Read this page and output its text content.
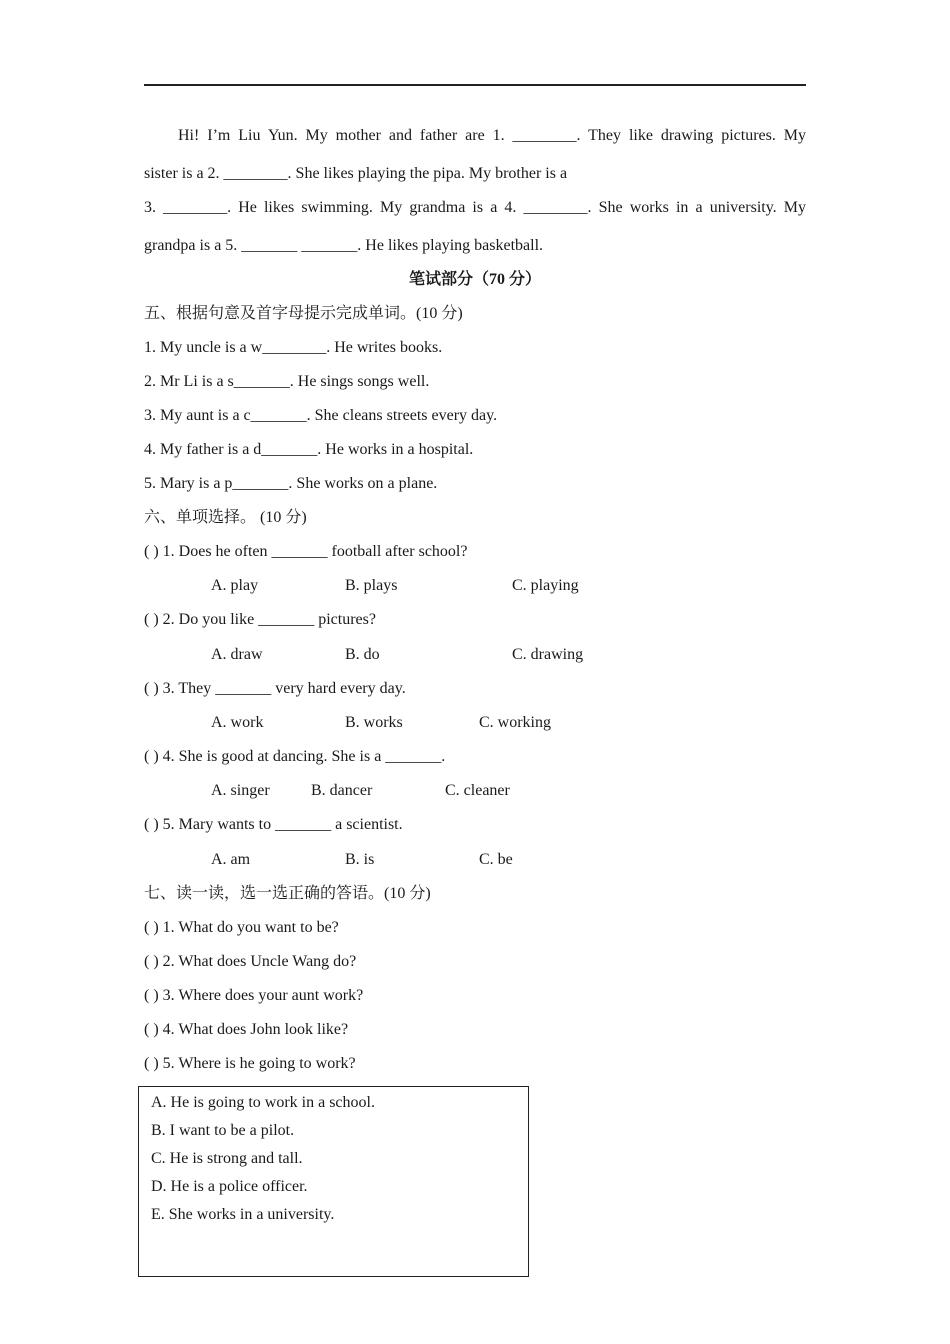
Hi! I’m Liu Yun. My mother and father are 1. ________. They like drawing pictures. My
sister is a 2. ________. She likes playing the pipa. My brother is a
3. ________. He likes swimming. My grandma is a 4. ________. She works in a university. My
grandpa is a 5. _______ _______. He likes playing basketball.
笔试部分（70 分）
五、根据句意及首字母提示完成单词。(10 分)
1. My uncle is a w________. He writes books.
2. Mr Li is a s_______. He sings songs well.
3. My aunt is a c_______. She cleans streets every day.
4. My father is a d_______. He works in a hospital.
5. Mary is a p_______. She works on a plane.
六、单项选择。 (10 分)
( ) 1. Does he often _______ football after school?
A. play	B. plays	C. playing
( ) 2. Do you like _______ pictures?
A. draw	B. do	C. drawing
( ) 3. They _______ very hard every day.
A. work	B. works	C. working
( ) 4. She is good at dancing. She is a _______.
A. singer	B. dancer	C. cleaner
( ) 5. Mary wants to _______ a scientist.
A. am	B. is	C. be
七、读一读，选一选正确的答语。(10 分)
( ) 1. What do you want to be?
( ) 2. What does Uncle Wang do?
( ) 3. Where does your aunt work?
( ) 4. What does John look like?
( ) 5. Where is he going to work?
A. He is going to work in a school.
B. I want to be a pilot.
C. He is strong and tall.
D. He is a police officer.
E. She works in a university.
